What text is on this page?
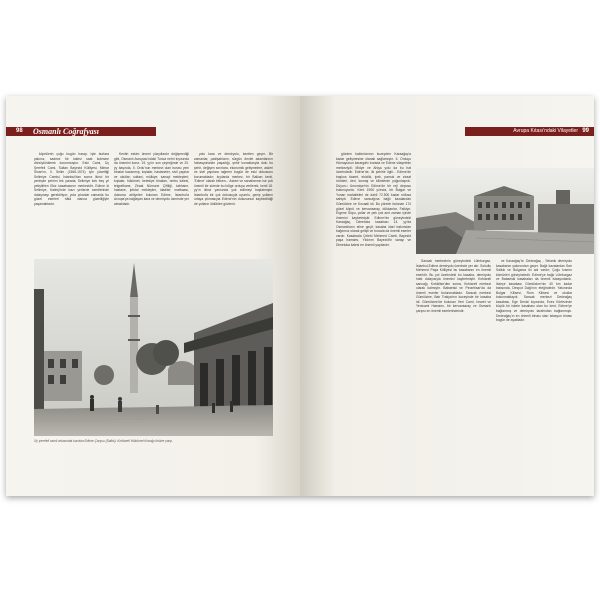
98 Osmanlı Coğrafyası

köprülerin çoğu bugün harap. İşte burlara yakınız, sadece bir kalesi saat kulesine dönüştürülerek korunmuştur. Eski Cami, Üç Şerefeli Cami, Sultan Bayezid Külliyesi, Mimar Sinan'ın, II. Selim (1566-1574) için yüceltiği Selimiye Camisi, İstanbul'dan sonra ikinci bir yerleşim şehrini tek yarada; Selimiye kırk beş yıl yetiştirilen Ekiz kasabasının merkezidir, Edirne ki Selimiye, Kaleiçi'nde bazı yerlerde semtlerinde dolaşmayı gerektiriyor; yola çıkanlar zamanla bu güzel eserleri hâlâ olanca güzelliğiyle yaşamaktadır.

Kentin eskim önemi yüzyıllardır değişmediği gibi, Osmanlı Avrupası'ndaki Tunca nehri kıyısında da önemini korur. 19. yy'ın son çeyreğinde ve 20. yy başında, II. Ordu'nun merkezi olan burası yeni binalar kazanmış; kışlalar, hastaneler, sivil yapılar ve okullar; sultani, mülkiye, sanayi mektepleri; kışlalar, hükümet, belediye binaları, tımbu kalesi, telgrafhane, Ziraat Nümune Çiftliği, tabhane, hastane, iptidai mektepler, idadiler, matbaası, dokuma atölyeleri bulunan Edirne, İstanbul'a Avrupa'ya bağlayan kara ve demiryolu üzerinde yer almaktadır.

yolu kara ve demiryolu, kentten geçer. Bir zamanlar, padişahların, sürgün devlet adamlarının hahasyoisinde yaşadığı, şehir konaklarıyla dolu bu şehir, değişen sınırlara, ekonomik gelişmelere, askeri ve sivil yapılara rağmen bugün de eski dokusunu korumaktadır; kıyılarda merkez, bir Balkan kenti, 'Edirne' olarak bilinen... Askeri ve sanatlarının ise çok önemli bir sürede bu bölge orduya verilerek, kenti 18. yy'ın ikinci yarısında yok edilmeyi başlatmıştır. İstanbul'a bir çok dokusuyla uyumlu, geniş yolların ortaya çıkmasıyla Edirne'nin dokusunun kaybedildiği de yolların öldükleri gözlenir.

Üç şerefeli camii arkasında kurulan Edirne Çarşısı (Saltık). Kırklareli Hükümet Konağı önüne çarşı.
Avrupa Kıtası'ndaki Vilayetler 99

gözden kaldırılarının kuzeyden Karaağaç'a kadar gelişmesine olanak sağlamıştır. II. Orduçu Hümayunun karargâhı burada ve Edirne vilayetinin merkeziydi; Midye ve Ahişa yolu da bu hat üzerindedir. Edirne'de, iki şehirle ilgili... Edirne'de başlıca ticaret, ekicilik, ipek, pamuk ve ziraat ürünleri, deri, kumaş ve kilimlerde yoğunlaşırdı. Düyun-ı Umumiye'nin Edirne'de bir reji deposu bulunuyordu. Kent 1906 yılında, bir Bulgar ve Yunan mahalleleri de dahil 72.500 kadar nüfusa sahipti. Edirne sancağına bağlı kazalardan Gümülcine ve Kırcaali idi. Bu yörede bulunan 174 güzel köprü ve kervansaray, dükkanlar, Faikiye, Ergene Süpu, yollar ve pek çok anıt zaman içinde önemini kaybetmiştir. Edirne'nin güneyindeki Karaağaç, Dimetoka kasabası 14. yy'da Osmanlıların eline geçti; kasaba idari bakımdan bağımsız olarak gelişti ve burada da önemli eserler vardır. Kasabada Çelebi Mehmed Camii, Bayezid paşa hamamı, Yıldırım Bayezid'in sarayı ve Dimetoka kalesi en önemli yapılardır.

Sancak merkezinin güneyindeki Lüleburgaz, İstanbul-Edirne demiryolu üzerinde yer alır. Sokullu Mehmed Paşa Külliyesi bu kasabanın en önemli eseridir. Bu yol üzerindeki bu kasaba, demiryolu hattı dolayısıyla önemini kaybetmiştir. Kırklareli sancağı, Kırkkilise'den sonra, Kırklareli merkezi olarak kalmıştır. Babaeski ve Pınarhisar'da da önemli eserler bulunmaktadır. Sancak merkezi Gümülcine, Batı Trakya'nın kuzeyinde bir kasaba idi. Gümülcine'de bulunan Yeni Cami, İmaret ve Yenicami Hamamı, bir kervansaray ve Osmanlı çarşısı en önemli eserlerindendir.

ve Karaağaç'tır. Dedeağaç - Selanik demiryolu kasabanın yakınından geçer. Bağlı kazalardan Sarı Saltuk ve Bulgarca iki adı vardır; Çoğu kısmın kömürleri güneyindedir. Edirne'ye bağlı Lüleburgaz ve Babaeski kasabaları da önemli istasyonlardı. İskeçe kasabası Gümülcine'nin 40 km kadar batısında, Despot Dağı'nın eteğindedir. Yakınında Bulgar Kilisesi, Rum Kilisesi ve okullar bulunmaktaydı. Sancak merkezi Dedeağaç kasabası, Ege Denizi kıyısında, Enez Körfezinde küçük bir iskele kasabası olan bu kent, Edirne'ye bağlanmış ve demiryolu tarafından bağlanmıştı. Dedeağaç'ın en önemli binası olan istasyon binası bugün de ayaktadır.
